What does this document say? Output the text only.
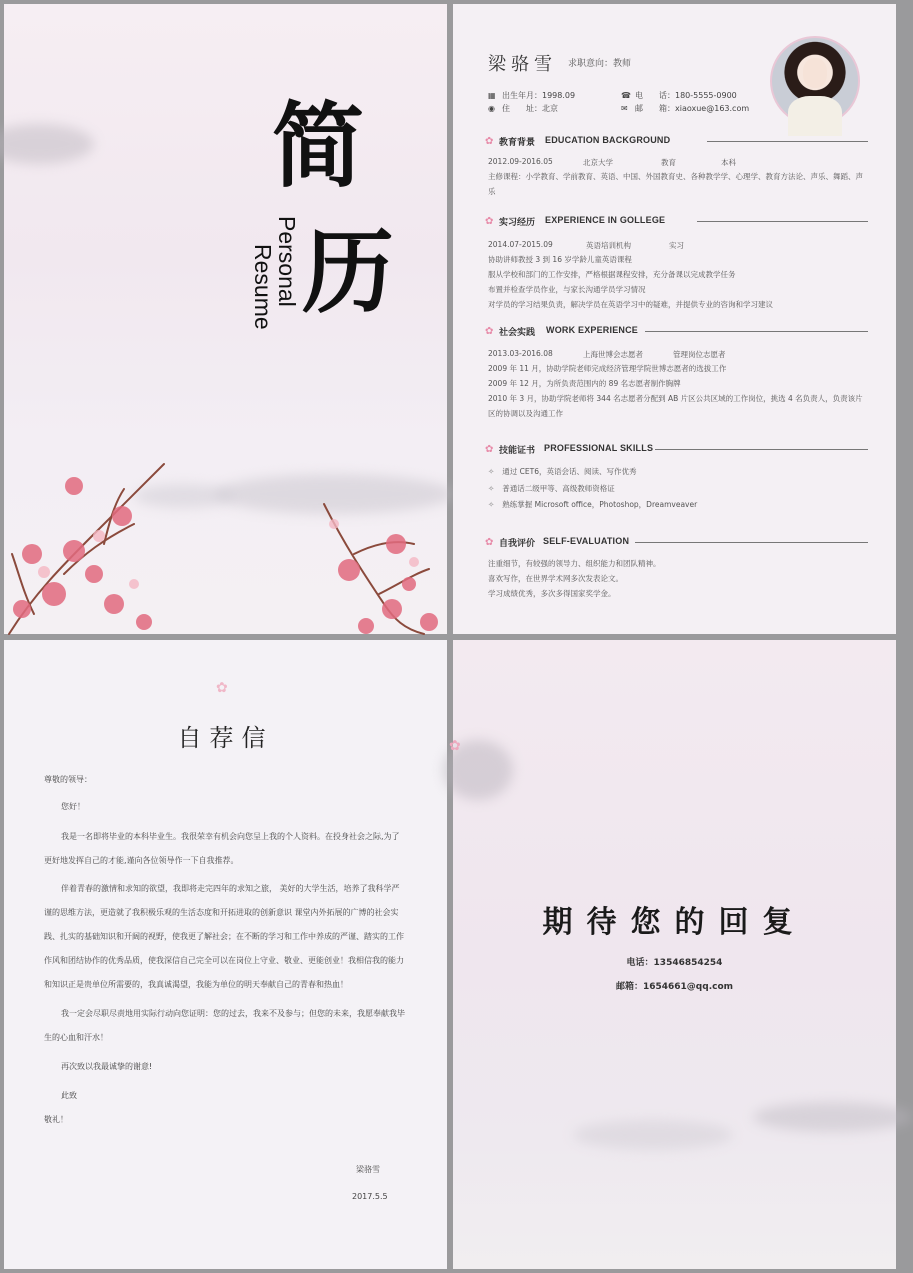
简
历
Personal
Resume
梁骆雪 求职意向：教师
▦ 出生年月：1998.09
◉ 住　　址：北京
☎ 电　　话：180-5555-0900
✉ 邮　　箱：xiaoxue@163.com
✿ 教育背景 EDUCATION BACKGROUND
2012.09-2016.05	北京大学	教育	本科
主修课程：小学教育、学前教育、英语、中国、外国教育史、各种教学学、心理学、教育方法论、声乐、舞蹈、声乐
✿ 实习经历 EXPERIENCE IN GOLLEGE
2014.07-2015.09	英语培训机构	实习
协助讲师教授 3 到 16 岁学龄儿童英语课程
服从学校和部门的工作安排，严格根据课程安排，充分备课以完成教学任务
布置并检查学员作业，与家长沟通学员学习情况
对学员的学习结果负责，解决学员在英语学习中的疑难，并提供专业的咨询和学习建议
✿ 社会实践 WORK EXPERIENCE
2013.03-2016.08	上海世博会志愿者	管理岗位志愿者
2009 年 11 月，协助学院老师完成经济管理学院世博志愿者的选拔工作
2009 年 12 月，为所负责范围内的 89 名志愿者制作胸牌
2010 年 3 月，协助学院老师将 344 名志愿者分配到 AB 片区公共区域的工作岗位，挑选 4 名负责人，负责该片区的协调以及沟通工作
✿ 技能证书 PROFESSIONAL SKILLS
✧ 通过 CET6，英语会话、阅读、写作优秀
✧ 普通话二级甲等、高级教师资格证
✧ 熟练掌握 Microsoft office，Photoshop，Dreamveaver
✿ 自我评价 SELF-EVALUATION
注重细节，有较强的领导力、组织能力和团队精神。
喜欢写作，在世界学术网多次发表论文。
学习成绩优秀，多次多得国家奖学金。
✿
自荐信
尊敬的领导：
您好！
我是一名即将毕业的本科毕业生。我很荣幸有机会向您呈上我的个人资料。在投身社会之际,为了更好地发挥自己的才能,谨向各位领导作一下自我推荐。
伴着青春的激情和求知的欲望，我即将走完四年的求知之旅， 美好的大学生活，培养了我科学严谨的思维方法，更造就了我积极乐观的生活态度和开拓进取的创新意识 课堂内外拓展的广博的社会实践、扎实的基础知识和开阔的视野，使我更了解社会；在不断的学习和工作中养成的严谨、踏实的工作作风和团结协作的优秀品质，使我深信自己完全可以在岗位上守业、敬业、更能创业！我相信我的能力和知识正是贵单位所需要的，我真诚渴望，我能为单位的明天奉献自己的青春和热血！
我一定会尽职尽责地用实际行动向您证明：您的过去，我来不及参与；但您的未来，我愿奉献我毕生的心血和汗水！
再次致以我最诚挚的谢意!
此致
敬礼！
梁骆雪
2017.5.5
✿
期待您的回复
电话：13546854254
邮箱：1654661@qq.com
